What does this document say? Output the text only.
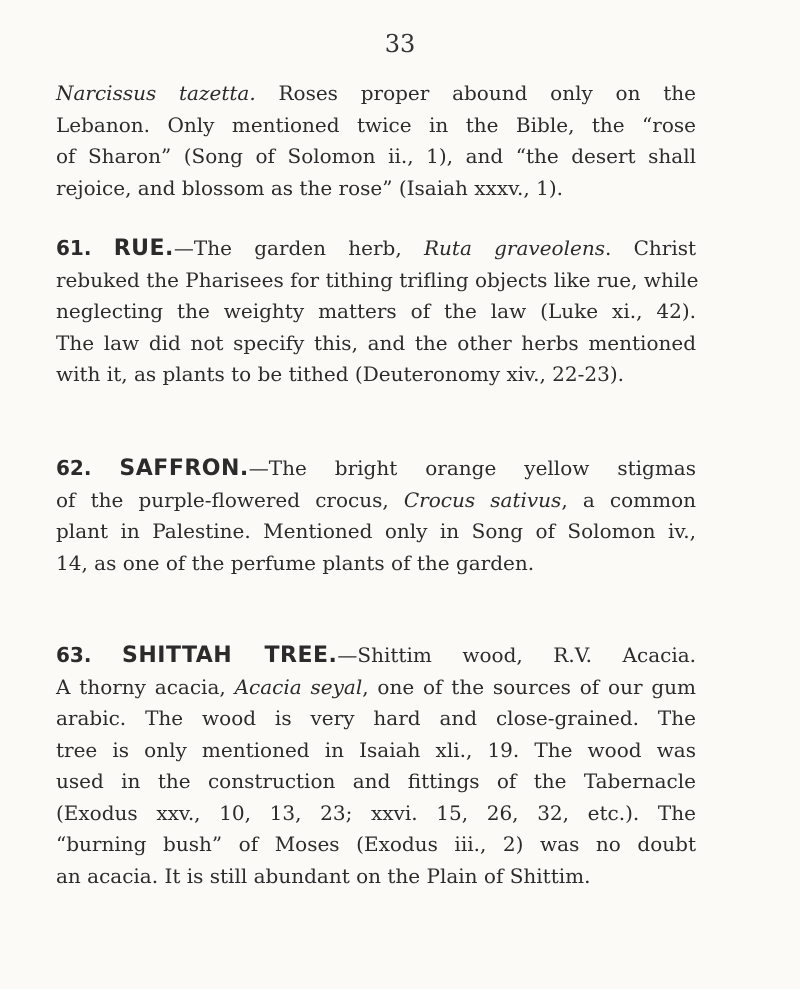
33
Narcissus tazetta. Roses proper abound only on the
Lebanon. Only mentioned twice in the Bible, the “rose
of Sharon” (Song of Solomon ii., 1), and “the desert shall
rejoice, and blossom as the rose” (Isaiah xxxv., 1).
61. RUE.—The garden herb, Ruta graveolens. Christ
rebuked the Pharisees for tithing trifling objects like rue, while
neglecting the weighty matters of the law (Luke xi., 42).
The law did not specify this, and the other herbs mentioned
with it, as plants to be tithed (Deuteronomy xiv., 22-23).
62. SAFFRON.—The bright orange yellow stigmas
of the purple-flowered crocus, Crocus sativus, a common
plant in Palestine. Mentioned only in Song of Solomon iv.,
14, as one of the perfume plants of the garden.
63. SHITTAH TREE.—Shittim wood, R.V. Acacia.
A thorny acacia, Acacia seyal, one of the sources of our gum
arabic. The wood is very hard and close-grained. The
tree is only mentioned in Isaiah xli., 19. The wood was
used in the construction and fittings of the Tabernacle
(Exodus xxv., 10, 13, 23; xxvi. 15, 26, 32, etc.). The
“burning bush” of Moses (Exodus iii., 2) was no doubt
an acacia. It is still abundant on the Plain of Shittim.
